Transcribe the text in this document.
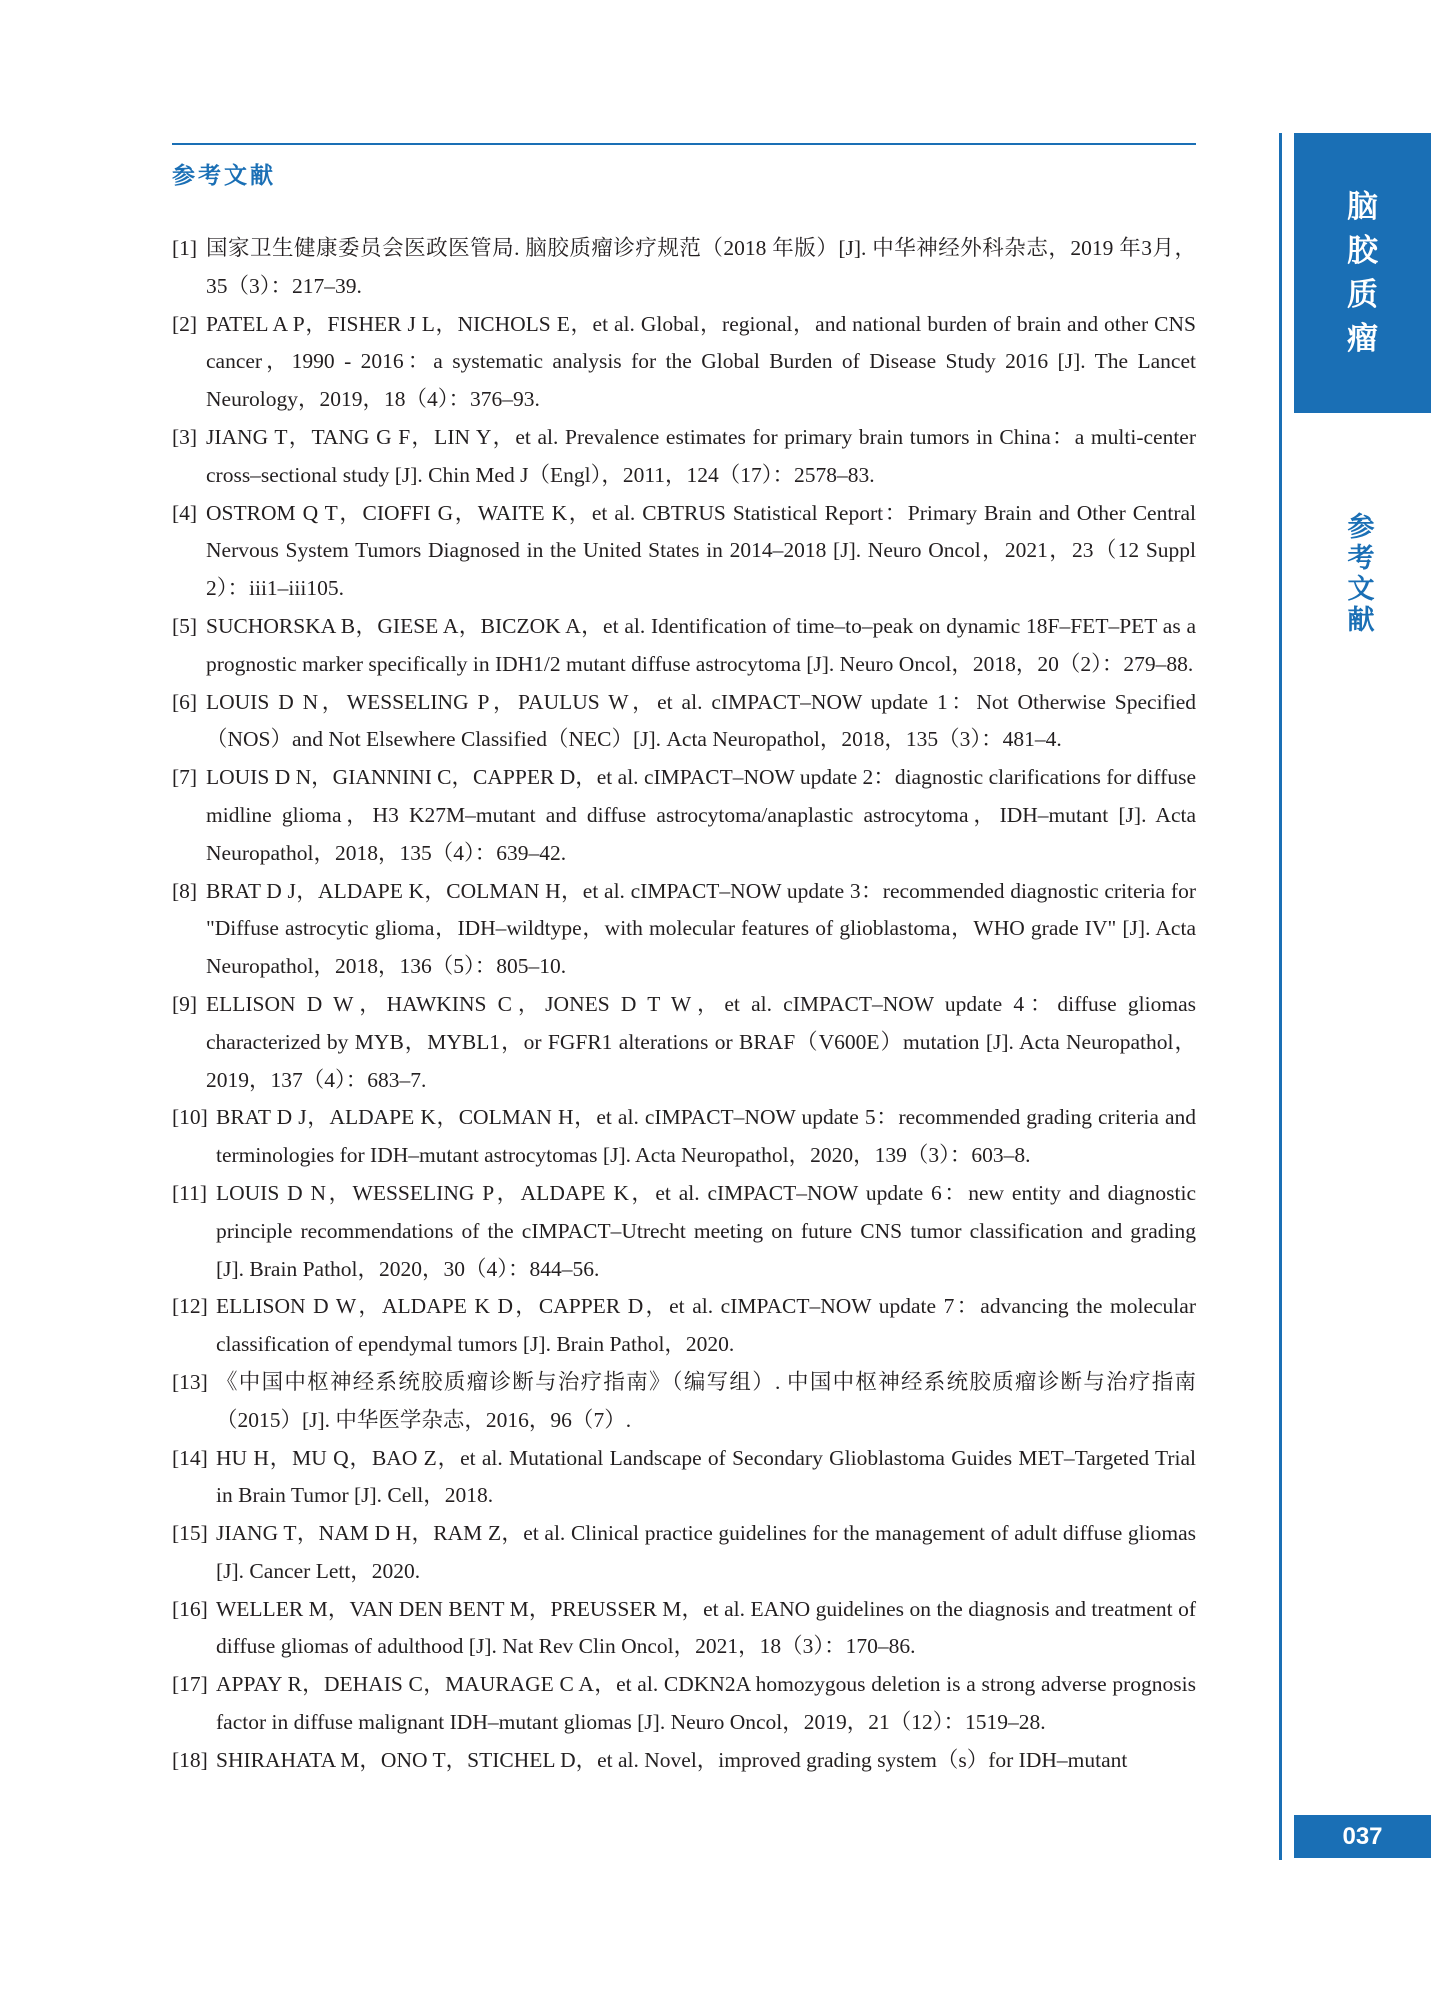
参考文献
脑
胶
质
瘤
参
考
文
献
[1] 国家卫生健康委员会医政医管局. 脑胶质瘤诊疗规范（2018 年版）[J]. 中华神经外科杂志，2019 年3月，35（3）：217–39.
[2] PATEL A P，FISHER J L，NICHOLS E，et al. Global，regional，and national burden of brain and other CNS cancer，1990 - 2016：a systematic analysis for the Global Burden of Disease Study 2016 [J]. The Lancet Neurology，2019，18（4）：376–93.
[3] JIANG T，TANG G F，LIN Y，et al. Prevalence estimates for primary brain tumors in China：a multi-center cross–sectional study [J]. Chin Med J（Engl），2011，124（17）：2578–83.
[4] OSTROM Q T，CIOFFI G，WAITE K，et al. CBTRUS Statistical Report：Primary Brain and Other Central Nervous System Tumors Diagnosed in the United States in 2014–2018 [J]. Neuro Oncol，2021，23（12 Suppl 2）：iii1–iii105.
[5] SUCHORSKA B，GIESE A，BICZOK A，et al. Identification of time–to–peak on dynamic 18F–FET–PET as a prognostic marker specifically in IDH1/2 mutant diffuse astrocytoma [J]. Neuro Oncol，2018，20（2）：279–88.
[6] LOUIS D N，WESSELING P，PAULUS W，et al. cIMPACT–NOW update 1：Not Otherwise Specified（NOS）and Not Elsewhere Classified（NEC）[J]. Acta Neuropathol，2018，135（3）：481–4.
[7] LOUIS D N，GIANNINI C，CAPPER D，et al. cIMPACT–NOW update 2：diagnostic clarifications for diffuse midline glioma，H3 K27M–mutant and diffuse astrocytoma/anaplastic astrocytoma，IDH–mutant [J]. Acta Neuropathol，2018，135（4）：639–42.
[8] BRAT D J，ALDAPE K，COLMAN H，et al. cIMPACT–NOW update 3：recommended diagnostic criteria for "Diffuse astrocytic glioma，IDH–wildtype，with molecular features of glioblastoma，WHO grade IV" [J]. Acta Neuropathol，2018，136（5）：805–10.
[9] ELLISON D W，HAWKINS C，JONES D T W，et al. cIMPACT–NOW update 4：diffuse gliomas characterized by MYB，MYBL1，or FGFR1 alterations or BRAF（V600E）mutation [J]. Acta Neuropathol，2019，137（4）：683–7.
[10] BRAT D J，ALDAPE K，COLMAN H，et al. cIMPACT–NOW update 5：recommended grading criteria and terminologies for IDH–mutant astrocytomas [J]. Acta Neuropathol，2020，139（3）：603–8.
[11] LOUIS D N，WESSELING P，ALDAPE K，et al. cIMPACT–NOW update 6：new entity and diagnostic principle recommendations of the cIMPACT–Utrecht meeting on future CNS tumor classification and grading [J]. Brain Pathol，2020，30（4）：844–56.
[12] ELLISON D W，ALDAPE K D，CAPPER D，et al. cIMPACT–NOW update 7：advancing the molecular classification of ependymal tumors [J]. Brain Pathol，2020.
[13] 《中国中枢神经系统胶质瘤诊断与治疗指南》（编写组）. 中国中枢神经系统胶质瘤诊断与治疗指南（2015）[J]. 中华医学杂志，2016，96（7）.
[14] HU H，MU Q，BAO Z，et al. Mutational Landscape of Secondary Glioblastoma Guides MET–Targeted Trial in Brain Tumor [J]. Cell，2018.
[15] JIANG T，NAM D H，RAM Z，et al. Clinical practice guidelines for the management of adult diffuse gliomas [J]. Cancer Lett，2020.
[16] WELLER M，VAN DEN BENT M，PREUSSER M，et al. EANO guidelines on the diagnosis and treatment of diffuse gliomas of adulthood [J]. Nat Rev Clin Oncol，2021，18（3）：170–86.
[17] APPAY R，DEHAIS C，MAURAGE C A，et al. CDKN2A homozygous deletion is a strong adverse prognosis factor in diffuse malignant IDH–mutant gliomas [J]. Neuro Oncol，2019，21（12）：1519–28.
[18] SHIRAHATA M，ONO T，STICHEL D，et al. Novel，improved grading system（s）for IDH–mutant
037
